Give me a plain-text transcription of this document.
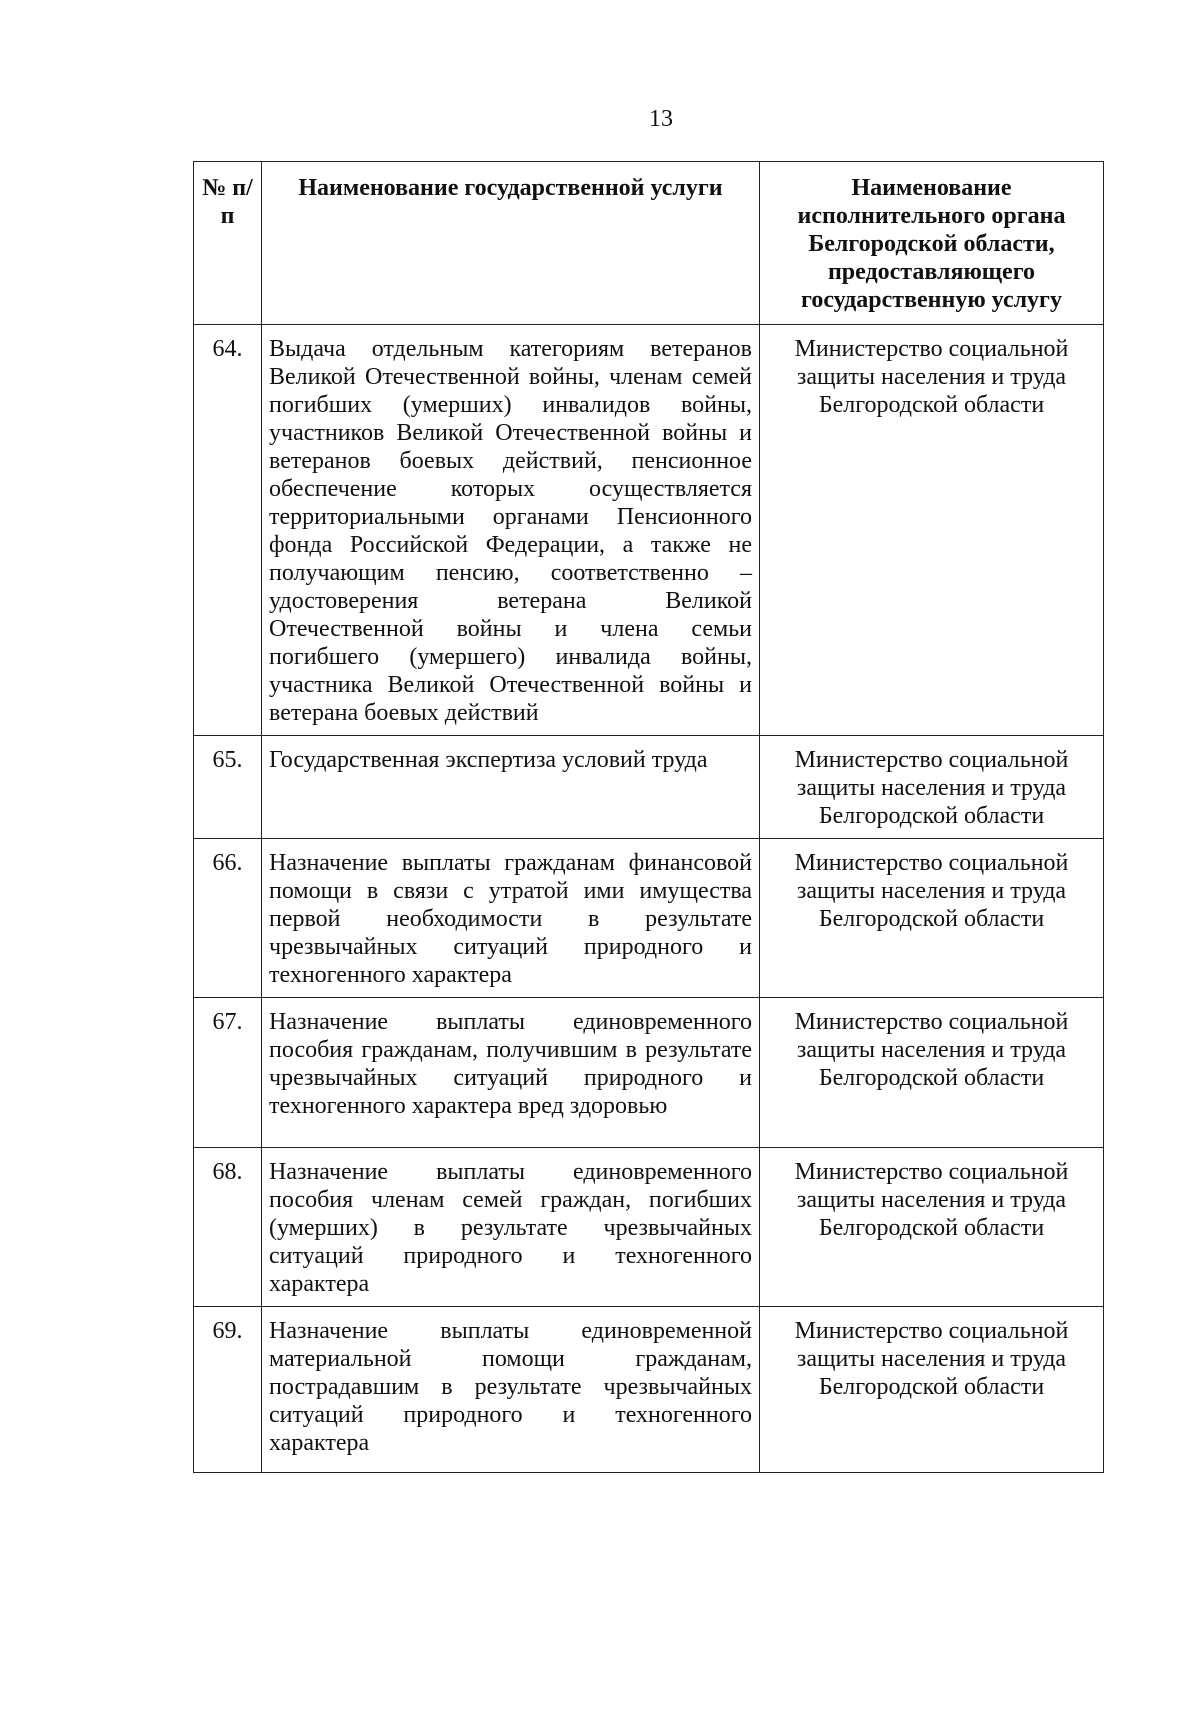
13
№ п/п	Наименование государственной услуги	Наименование исполнительного органа Белгородской области, предоставляющего государственную услугу
64.	Выдача отдельным категориям ветеранов Великой Отечественной войны, членам семей погибших (умерших) инвалидов войны, участников Великой Отечественной войны и ветеранов боевых действий, пенсионное обеспечение которых осуществляется территориальными органами Пенсионного фонда Российской Федерации, а также не получающим пенсию, соответственно – удостоверения ветерана Великой Отечественной войны и члена семьи погибшего (умершего) инвалида войны, участника Великой Отечественной войны и ветерана боевых действий	Министерство социальной защиты населения и труда Белгородской области
65.	Государственная экспертиза условий труда	Министерство социальной защиты населения и труда Белгородской области
66.	Назначение выплаты гражданам финансовой помощи в связи с утратой ими имущества первой необходимости в результате чрезвычайных ситуаций природного и техногенного характера	Министерство социальной защиты населения и труда Белгородской области
67.	Назначение выплаты единовременного пособия гражданам, получившим в результате чрезвычайных ситуаций природного и техногенного характера вред здоровью	Министерство социальной защиты населения и труда Белгородской области
68.	Назначение выплаты единовременного пособия членам семей граждан, погибших (умерших) в результате чрезвычайных ситуаций природного и техногенного характера	Министерство социальной защиты населения и труда Белгородской области
69.	Назначение выплаты единовременной материальной помощи гражданам, пострадавшим в результате чрезвычайных ситуаций природного и техногенного характера	Министерство социальной защиты населения и труда Белгородской области
